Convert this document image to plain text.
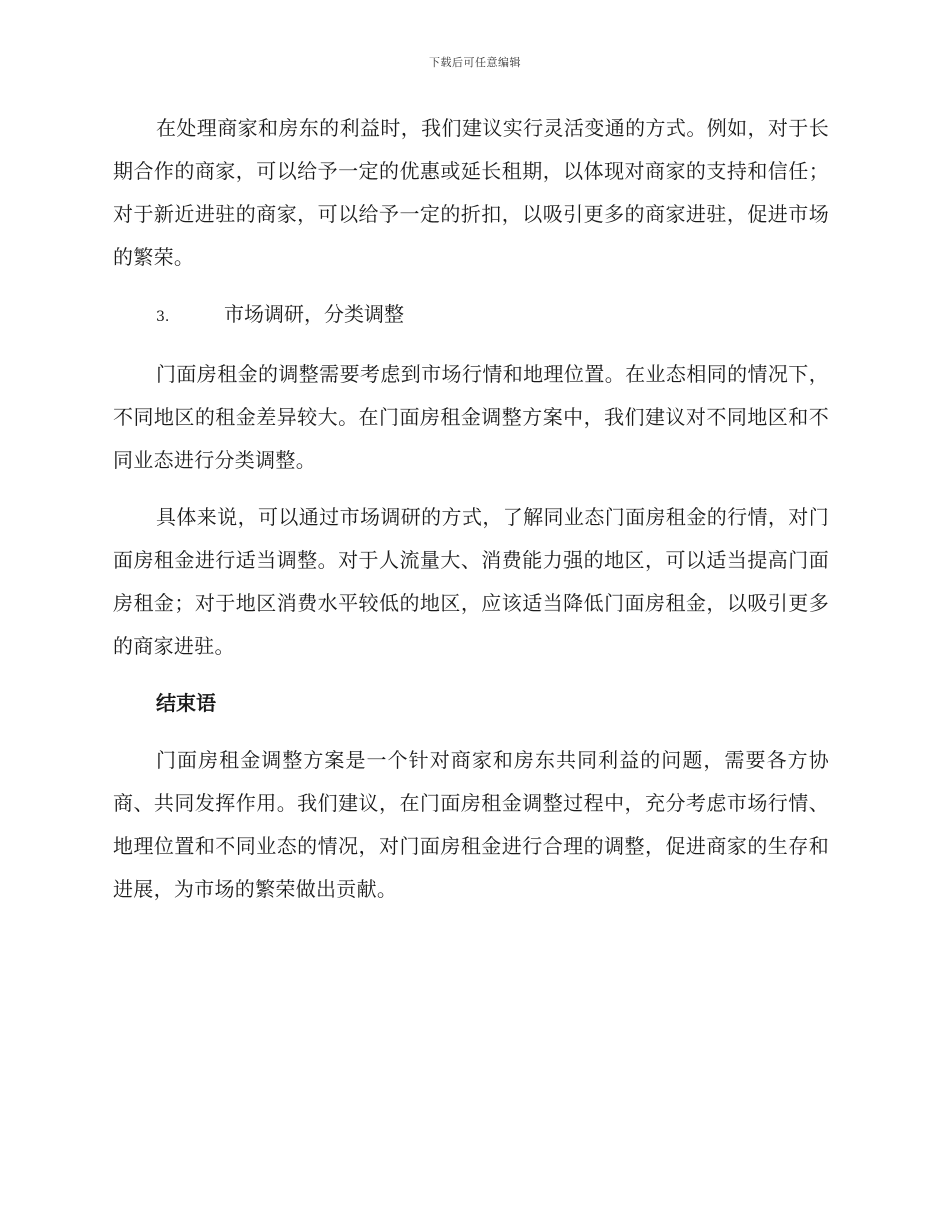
下载后可任意编辑

在处理商家和房东的利益时，我们建议实行灵活变通的方式。例如，对于长期合作的商家，可以给予一定的优惠或延长租期，以体现对商家的支持和信任；对于新近进驻的商家，可以给予一定的折扣，以吸引更多的商家进驻，促进市场的繁荣。

3.	市场调研，分类调整

门面房租金的调整需要考虑到市场行情和地理位置。在业态相同的情况下，不同地区的租金差异较大。在门面房租金调整方案中，我们建议对不同地区和不同业态进行分类调整。

具体来说，可以通过市场调研的方式，了解同业态门面房租金的行情，对门面房租金进行适当调整。对于人流量大、消费能力强的地区，可以适当提高门面房租金；对于地区消费水平较低的地区，应该适当降低门面房租金，以吸引更多的商家进驻。

结束语

门面房租金调整方案是一个针对商家和房东共同利益的问题，需要各方协商、共同发挥作用。我们建议，在门面房租金调整过程中，充分考虑市场行情、地理位置和不同业态的情况，对门面房租金进行合理的调整，促进商家的生存和进展，为市场的繁荣做出贡献。
